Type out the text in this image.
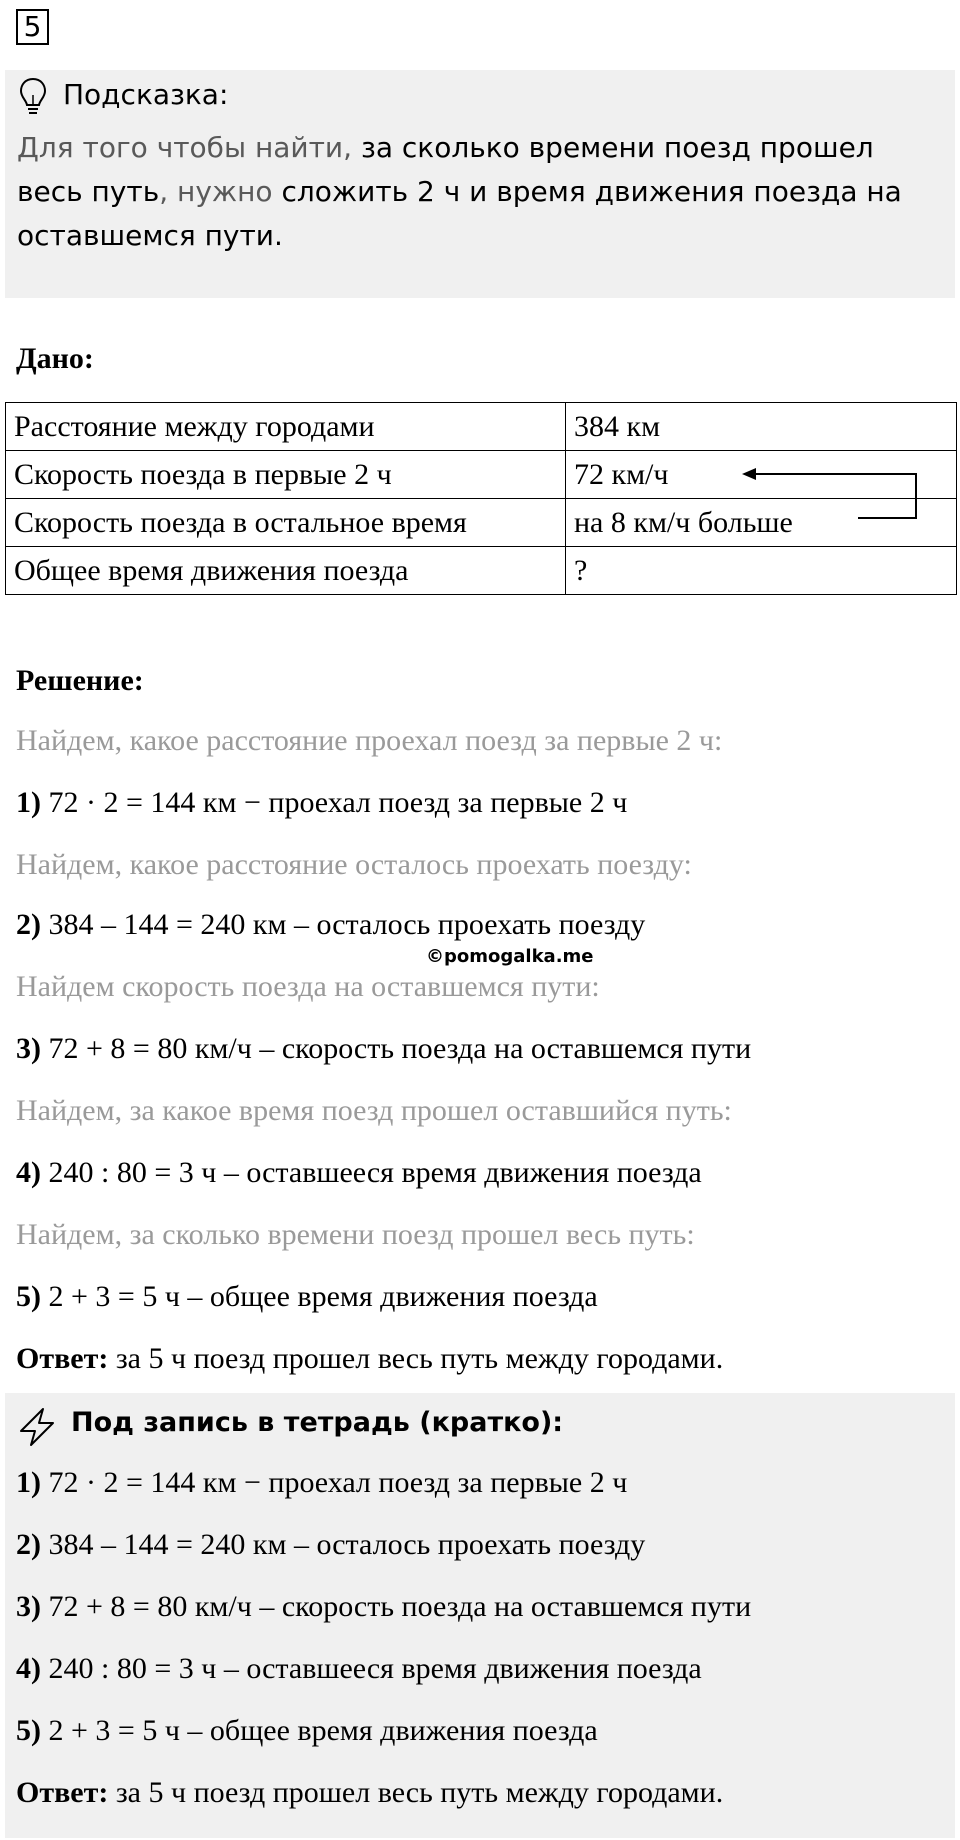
5
Подсказка:
Для того чтобы найти, за сколько времени поезд прошел весь путь, нужно сложить 2 ч и время движения поезда на оставшемся пути.
Дано:
Расстояние между городами	384 км
Скорость поезда в первые 2 ч	72 км/ч
Скорость поезда в остальное время	на 8 км/ч больше
Общее время движения поезда	?
Решение:
Найдем, какое расстояние проехал поезд за первые 2 ч:
1) 72 · 2 = 144 км − проехал поезд за первые 2 ч
Найдем, какое расстояние осталось проехать поезду:
2) 384 – 144 = 240 км – осталось проехать поезду
©pomogalka.me
Найдем скорость поезда на оставшемся пути:
3) 72 + 8 = 80 км/ч – скорость поезда на оставшемся пути
Найдем, за какое время поезд прошел оставшийся путь:
4) 240 : 80 = 3 ч – оставшееся время движения поезда
Найдем, за сколько времени поезд прошел весь путь:
5) 2 + 3 = 5 ч – общее время движения поезда
Ответ: за 5 ч поезд прошел весь путь между городами.
Под запись в тетрадь (кратко):
1) 72 · 2 = 144 км − проехал поезд за первые 2 ч
2) 384 – 144 = 240 км – осталось проехать поезду
3) 72 + 8 = 80 км/ч – скорость поезда на оставшемся пути
4) 240 : 80 = 3 ч – оставшееся время движения поезда
5) 2 + 3 = 5 ч – общее время движения поезда
Ответ: за 5 ч поезд прошел весь путь между городами.
